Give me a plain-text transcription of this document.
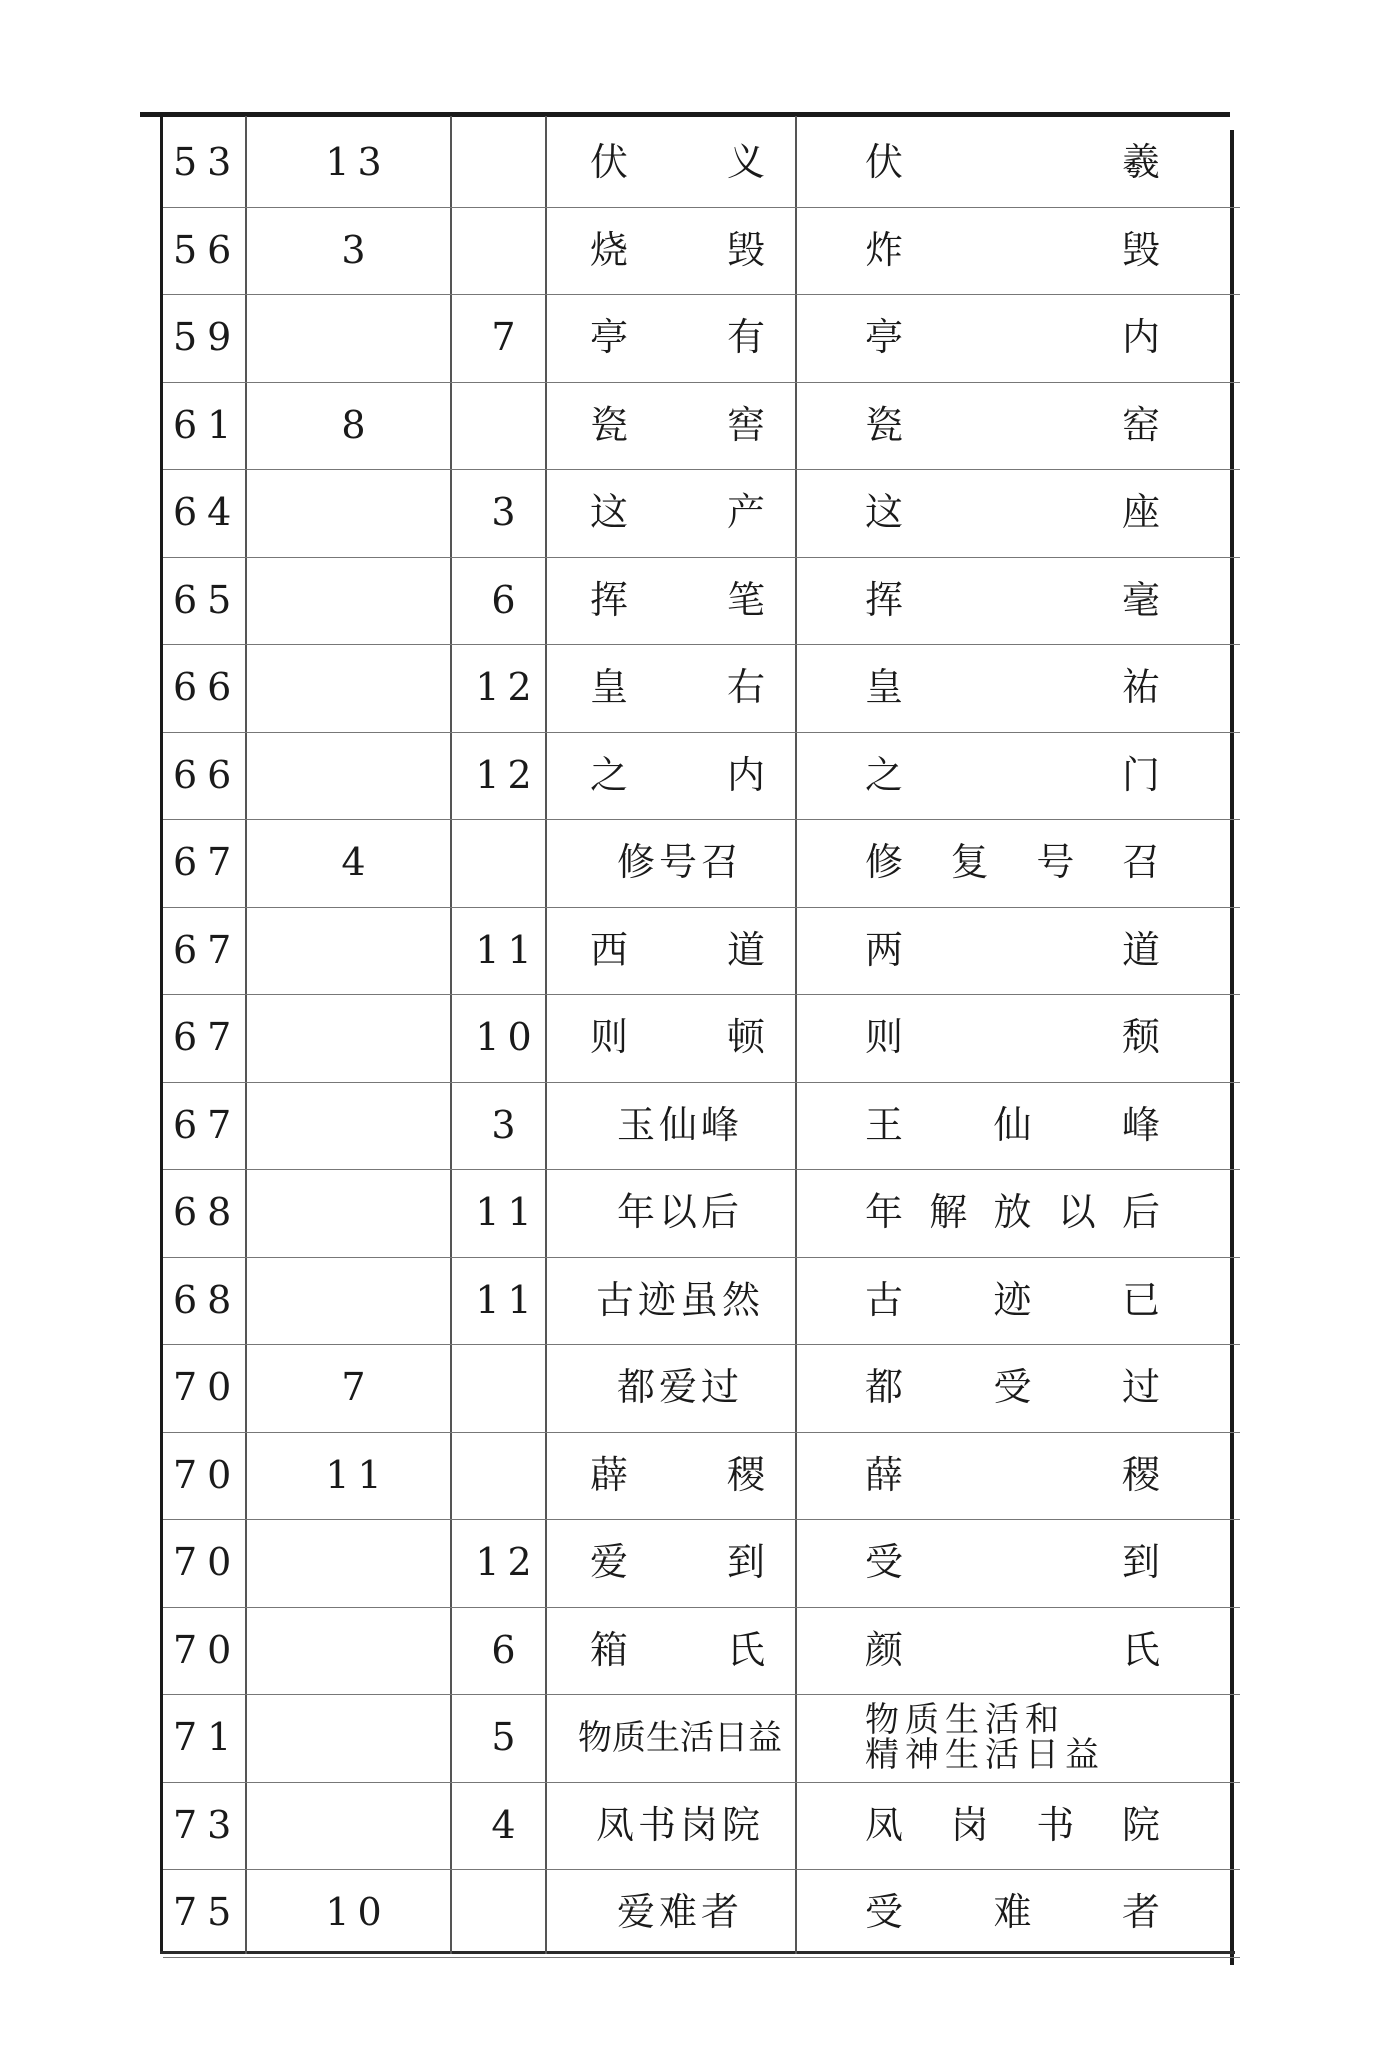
53	13		伏 义	伏 羲

56	3		烧 毁	炸 毁

59		7	亭 有	亭 内

61	8		瓷 窖	瓷 窑

64		3	这 产	这 座

65		6	挥 笔	挥 毫

66		12	皇 右	皇 祐

66		12	之 内	之 门

67	4		修号召	修 复 号 召

67		11	西 道	两 道

67		10	则 顿	则 颓

67		3	玉仙峰	王 仙 峰

68		11	年以后	年 解 放 以 后

68		11	古迹虽然	古 迹 已

70	7		都爱过	都 受 过

70	11		薜 稷	薛 稷

70		12	爱 到	受 到

70		6	箱 氏	颜 氏

71		5	物质生活日益	物质生活和
精神生活日益

73		4	凤书岗院	凤 岗 书 院

75	10		爱难者	受 难 者
